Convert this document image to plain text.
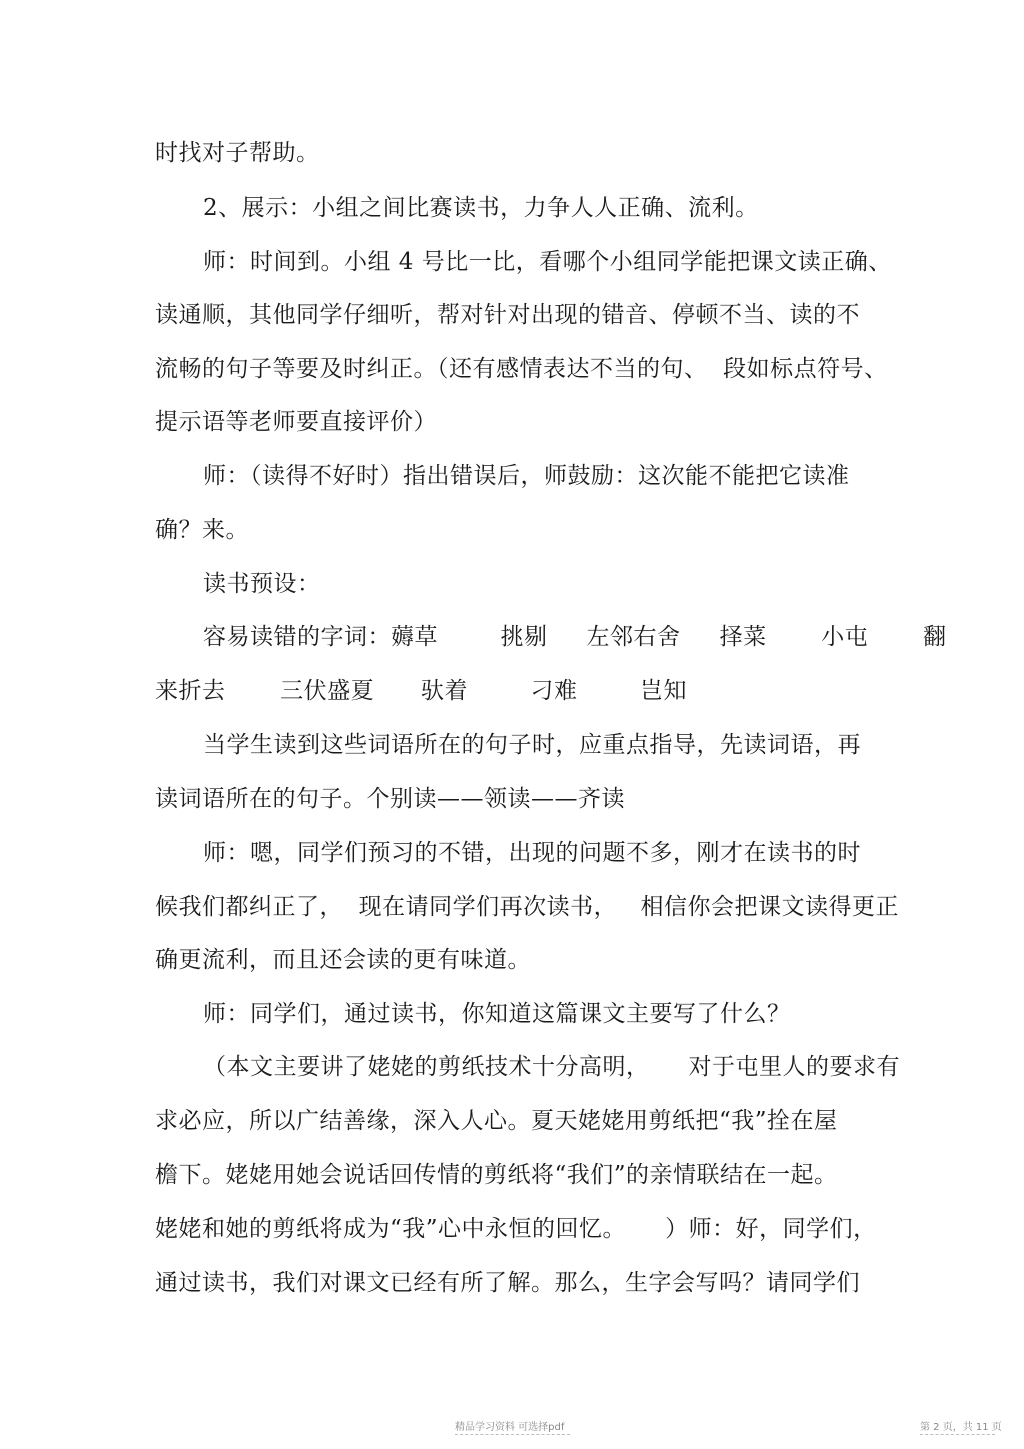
时找对子帮助。
2、展示：小组之间比赛读书，力争人人正确、流利。
师：时间到。小组 4 号比一比，看哪个小组同学能把课文读正确、
读通顺，其他同学仔细听，帮对针对出现的错音、停顿不当、读的不
流畅的句子等要及时纠正。（还有感情表达不当的句、  段如标点符号、
提示语等老师要直接评价）
师：（读得不好时）指出错误后，师鼓励：这次能不能把它读准
确？来。
读书预设：
容易读错的字词：薅草        挑剔     左邻右舍     择菜       小屯       翻
来折去       三伏盛夏      驮着        刁难        岂知
当学生读到这些词语所在的句子时，应重点指导，先读词语，再
读词语所在的句子。个别读——领读——齐读
师：嗯，同学们预习的不错，出现的问题不多，刚才在读书的时
候我们都纠正了，  现在请同学们再次读书，   相信你会把课文读得更正
确更流利，而且还会读的更有味道。
师：同学们，通过读书，你知道这篇课文主要写了什么？
（本文主要讲了姥姥的剪纸技术十分高明，     对于屯里人的要求有
求必应，所以广结善缘，深入人心。夏天姥姥用剪纸把“我”拴在屋
檐下。姥姥用她会说话回传情的剪纸将“我们”的亲情联结在一起。
姥姥和她的剪纸将成为“我”心中永恒的回忆。     ）师：好，同学们，
通过读书，我们对课文已经有所了解。那么，生字会写吗？请同学们
精品学习资料 可选择pdf	第 2 页，共 11 页
